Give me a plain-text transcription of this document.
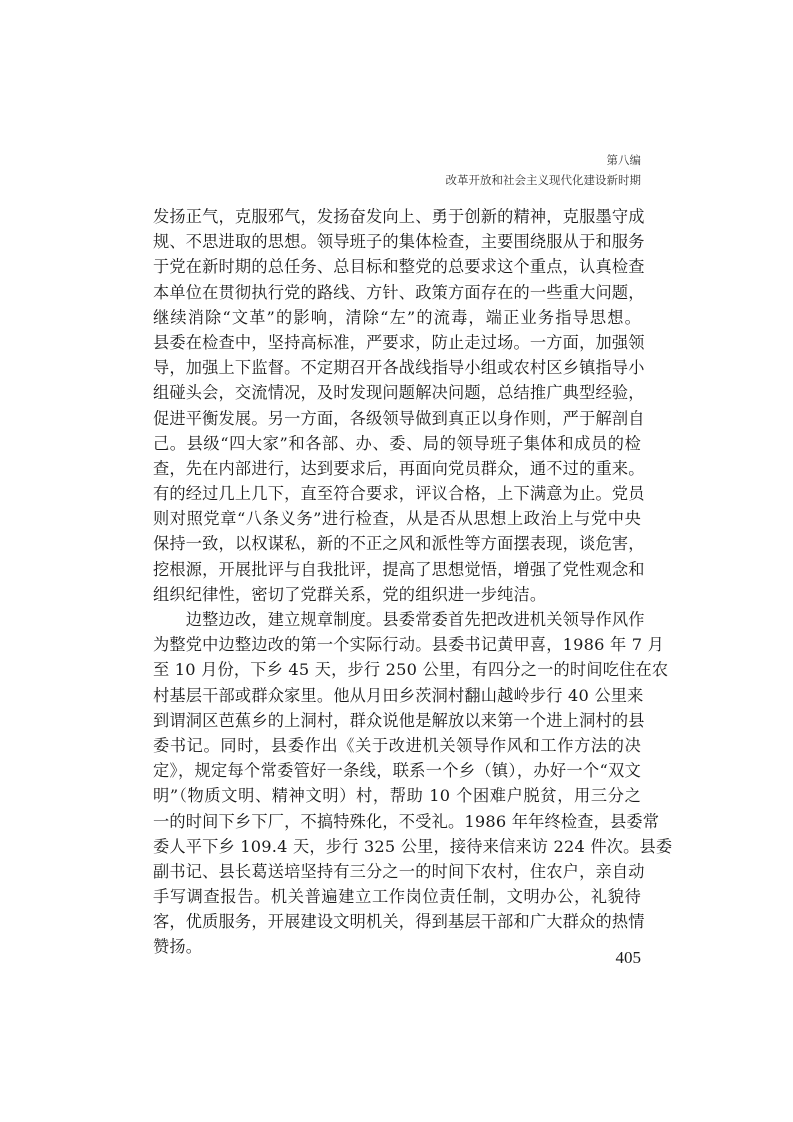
第八编
改革开放和社会主义现代化建设新时期
发扬正气，克服邪气，发扬奋发向上、勇于创新的精神，克服墨守成
规、不思进取的思想。领导班子的集体检查，主要围绕服从于和服务
于党在新时期的总任务、总目标和整党的总要求这个重点，认真检查
本单位在贯彻执行党的路线、方针、政策方面存在的一些重大问题，
继续消除“文革”的影响，清除“左”的流毒，端正业务指导思想。
县委在检查中，坚持高标准，严要求，防止走过场。一方面，加强领
导，加强上下监督。不定期召开各战线指导小组或农村区乡镇指导小
组碰头会，交流情况，及时发现问题解决问题，总结推广典型经验，
促进平衡发展。另一方面，各级领导做到真正以身作则，严于解剖自
己。县级“四大家”和各部、办、委、局的领导班子集体和成员的检
查，先在内部进行，达到要求后，再面向党员群众，通不过的重来。
有的经过几上几下，直至符合要求，评议合格，上下满意为止。党员
则对照党章“八条义务”进行检查，从是否从思想上政治上与党中央
保持一致，以权谋私，新的不正之风和派性等方面摆表现，谈危害，
挖根源，开展批评与自我批评，提高了思想觉悟，增强了党性观念和
组织纪律性，密切了党群关系，党的组织进一步纯洁。
　　边整边改，建立规章制度。县委常委首先把改进机关领导作风作
为整党中边整边改的第一个实际行动。县委书记黄甲喜，1986 年 7 月
至 10 月份，下乡 45 天，步行 250 公里，有四分之一的时间吃住在农
村基层干部或群众家里。他从月田乡茨洞村翻山越岭步行 40 公里来
到谓洞区芭蕉乡的上洞村，群众说他是解放以来第一个进上洞村的县
委书记。同时，县委作出《关于改进机关领导作风和工作方法的决
定》，规定每个常委管好一条线，联系一个乡（镇），办好一个“双文
明”（物质文明、精神文明）村，帮助 10 个困难户脱贫，用三分之
一的时间下乡下厂，不搞特殊化，不受礼。1986 年年终检查，县委常
委人平下乡 109.4 天，步行 325 公里，接待来信来访 224 件次。县委
副书记、县长葛送培坚持有三分之一的时间下农村，住农户，亲自动
手写调查报告。机关普遍建立工作岗位责任制，文明办公，礼貌待
客，优质服务，开展建设文明机关，得到基层干部和广大群众的热情
赞扬。
405
